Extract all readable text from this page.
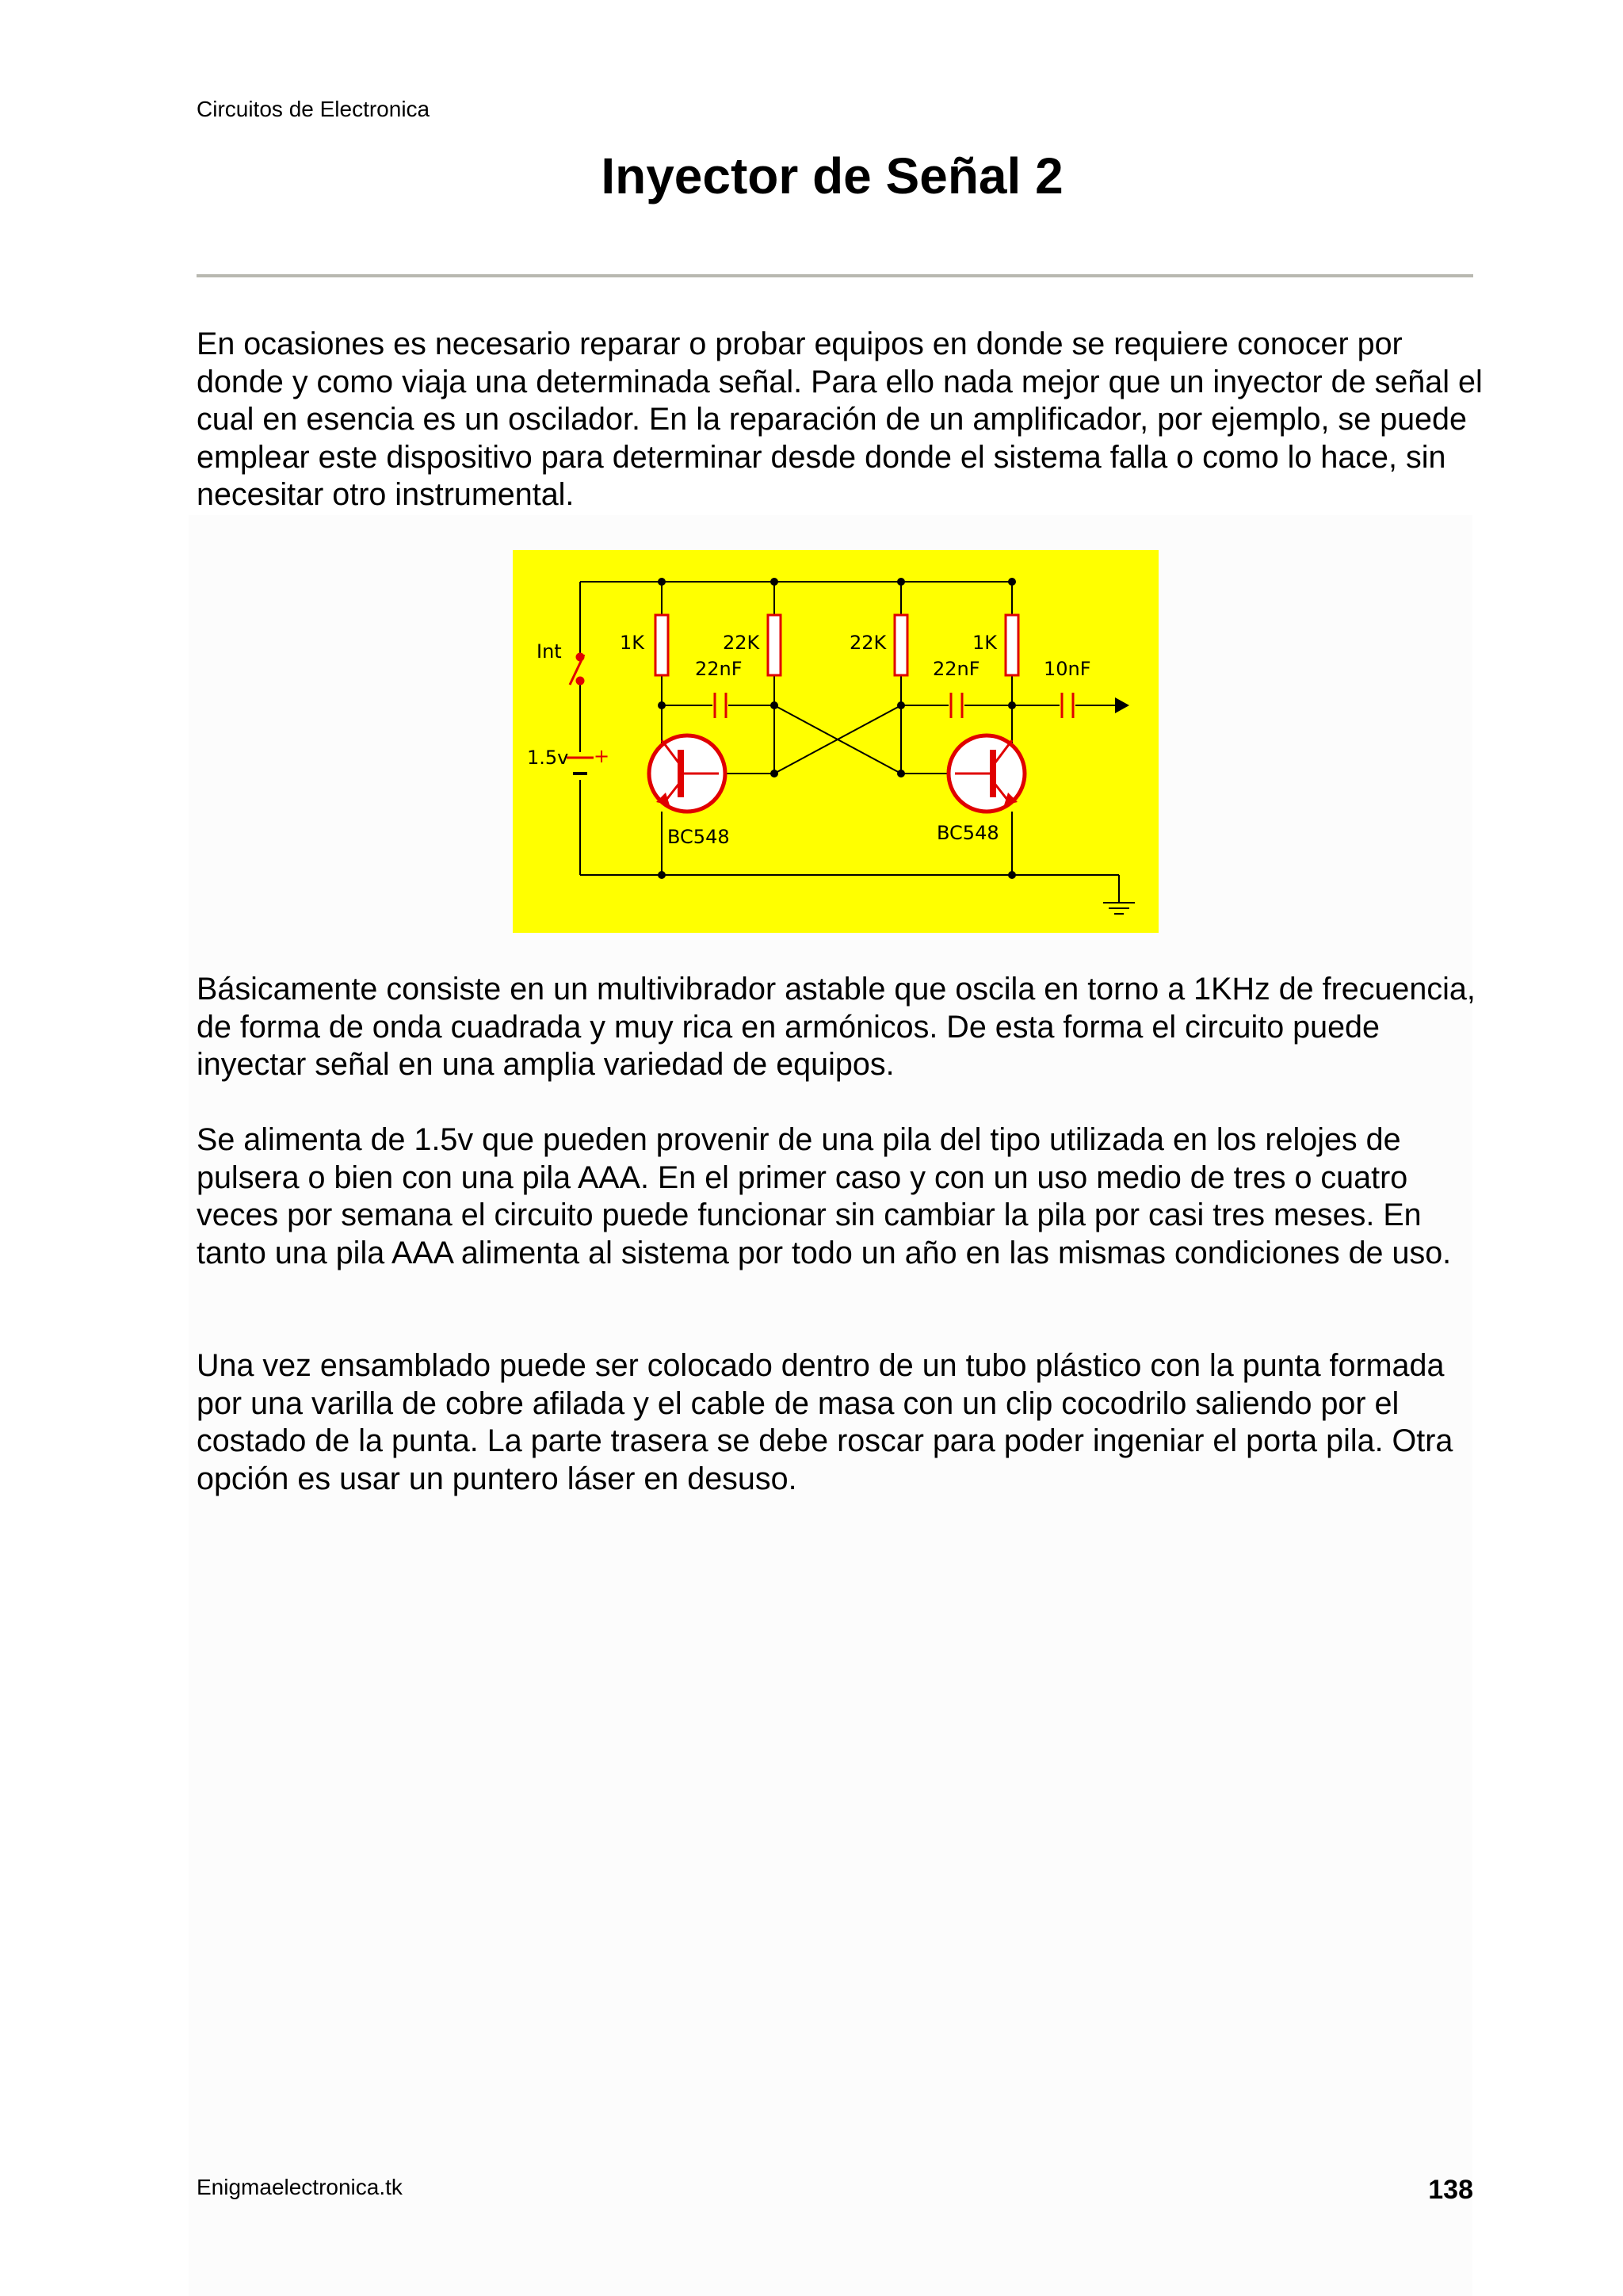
Circuitos de Electronica
Inyector de Señal 2

En ocasiones es necesario reparar o probar equipos en donde se requiere conocer por donde y como viaja una determinada señal. Para ello nada mejor que un inyector de señal el cual en esencia es un oscilador. En la reparación de un amplificador, por ejemplo, se puede emplear este dispositivo para determinar desde donde el sistema falla o como lo hace, sin necesitar otro instrumental.

Int
1.5v +
1K	22K
22nF
22K	1K
22nF	10nF
BC548	BC548

Básicamente consiste en un multivibrador astable que oscila en torno a 1KHz de frecuencia, de forma de onda cuadrada y muy rica en armónicos. De esta forma el circuito puede inyectar señal en una amplia variedad de equipos.

Se alimenta de 1.5v que pueden provenir de una pila del tipo utilizada en los relojes de pulsera o bien con una pila AAA. En el primer caso y con un uso medio de tres o cuatro veces por semana el circuito puede funcionar sin cambiar la pila por casi tres meses. En tanto una pila AAA alimenta al sistema por todo un año en las mismas condiciones de uso.

Una vez ensamblado puede ser colocado dentro de un tubo plástico con la punta formada por una varilla de cobre afilada y el cable de masa con un clip cocodrilo saliendo por el costado de la punta. La parte trasera se debe roscar para poder ingeniar el porta pila. Otra opción es usar un puntero láser en desuso.

Enigmaelectronica.tk	138
